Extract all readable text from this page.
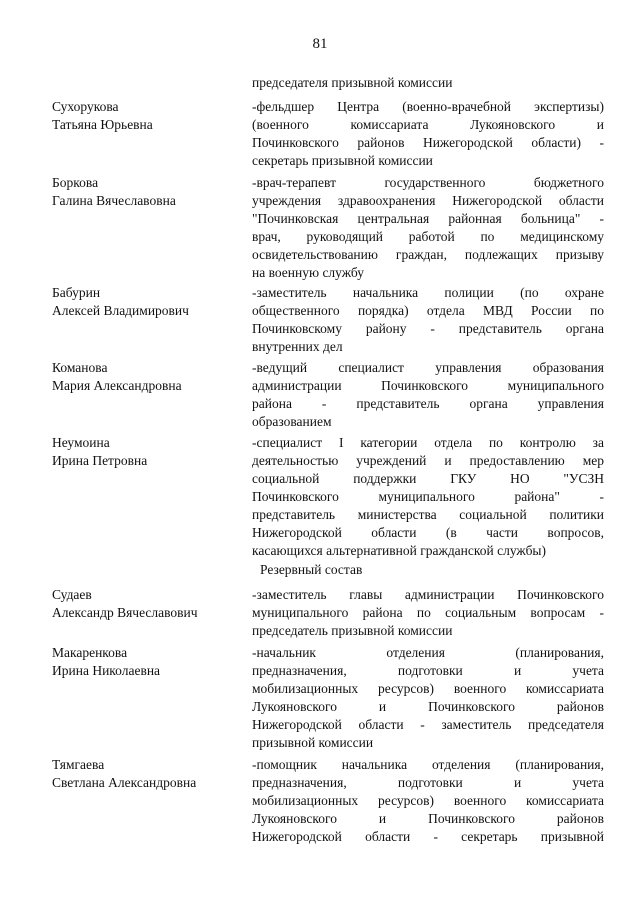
81
председателя призывной комиссии
Резервный состав
Сухорукова
Татьяна Юрьевна
-фельдшер Центра (военно-врачебной экспертизы)
(военного комиссариата Лукояновского и
Починковского районов Нижегородской области) -
секретарь призывной комиссии
Боркова
Галина Вячеславовна
-врач-терапевт государственного бюджетного
учреждения здравоохранения Нижегородской области
"Починковская центральная районная больница" -
врач, руководящий работой по медицинскому
освидетельствованию граждан, подлежащих призыву
на военную службу
Бабурин
Алексей Владимирович
-заместитель начальника полиции (по охране
общественного порядка) отдела МВД России по
Починковскому району - представитель органа
внутренних дел
Команова
Мария Александровна
-ведущий специалист управления образования
администрации Починковского муниципального
района - представитель органа управления
образованием
Неумоина
Ирина Петровна
-специалист I категории отдела по контролю за
деятельностью учреждений и предоставлению мер
социальной поддержки ГКУ НО "УСЗН
Починковского муниципального района" -
представитель министерства социальной политики
Нижегородской области (в части вопросов,
касающихся альтернативной гражданской службы)
Судаев
Александр Вячеславович
-заместитель главы администрации Починковского
муниципального района по социальным вопросам -
председатель призывной комиссии
Макаренкова
Ирина Николаевна
-начальник отделения (планирования,
предназначения, подготовки и учета
мобилизационных ресурсов) военного комиссариата
Лукояновского и Починковского районов
Нижегородской области - заместитель председателя
призывной комиссии
Тямгаева
Светлана Александровна
-помощник начальника отделения (планирования,
предназначения, подготовки и учета
мобилизационных ресурсов) военного комиссариата
Лукояновского и Починковского районов
Нижегородской области - секретарь призывной
